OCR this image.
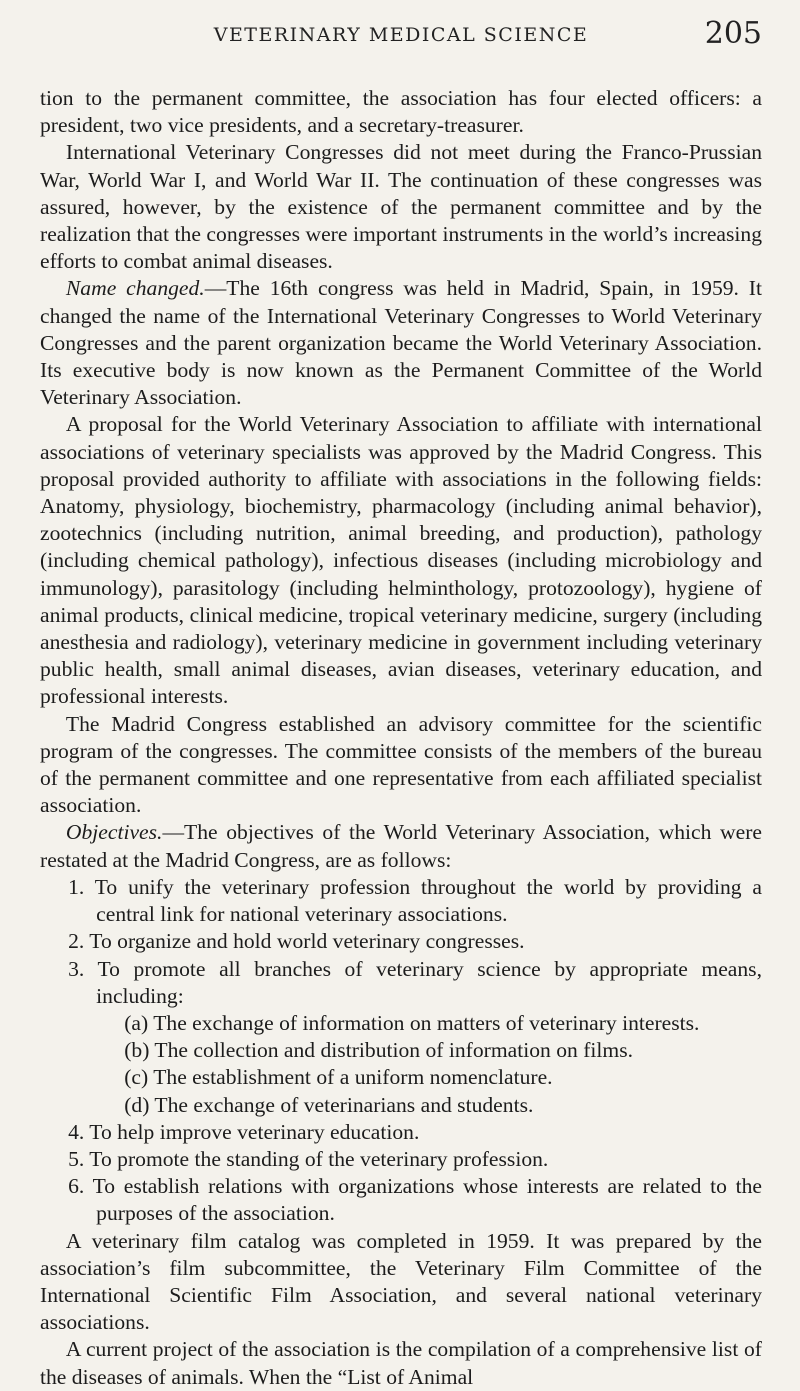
VETERINARY MEDICAL SCIENCE	205

tion to the permanent committee, the association has four elected officers: a president, two vice presidents, and a secretary-treasurer.

International Veterinary Congresses did not meet during the Franco-Prussian War, World War I, and World War II. The continuation of these congresses was assured, however, by the existence of the permanent committee and by the realization that the congresses were important instruments in the world’s increasing efforts to combat animal diseases.

Name changed.—The 16th congress was held in Madrid, Spain, in 1959. It changed the name of the International Veterinary Congresses to World Veterinary Congresses and the parent organization became the World Veterinary Association. Its executive body is now known as the Permanent Committee of the World Veterinary Association.

A proposal for the World Veterinary Association to affiliate with international associations of veterinary specialists was approved by the Madrid Congress. This proposal provided authority to affiliate with associations in the following fields: Anatomy, physiology, biochemistry, pharmacology (including animal behavior), zootechnics (including nutrition, animal breeding, and production), pathology (including chemical pathology), infectious diseases (including microbiology and immunology), parasitology (including helminthology, protozoology), hygiene of animal products, clinical medicine, tropical veterinary medicine, surgery (including anesthesia and radiology), veterinary medicine in government including veterinary public health, small animal diseases, avian diseases, veterinary education, and professional interests.

The Madrid Congress established an advisory committee for the scientific program of the congresses. The committee consists of the members of the bureau of the permanent committee and one representative from each affiliated specialist association.

Objectives.—The objectives of the World Veterinary Association, which were restated at the Madrid Congress, are as follows:

1. To unify the veterinary profession throughout the world by providing a central link for national veterinary associations.

2. To organize and hold world veterinary congresses.

3. To promote all branches of veterinary science by appropriate means, including:

(a) The exchange of information on matters of veterinary interests.

(b) The collection and distribution of information on films.

(c) The establishment of a uniform nomenclature.

(d) The exchange of veterinarians and students.

4. To help improve veterinary education.

5. To promote the standing of the veterinary profession.

6. To establish relations with organizations whose interests are related to the purposes of the association.

A veterinary film catalog was completed in 1959. It was prepared by the association’s film subcommittee, the Veterinary Film Committee of the International Scientific Film Association, and several national veterinary associations.

A current project of the association is the compilation of a comprehensive list of the diseases of animals. When the “List of Animal
